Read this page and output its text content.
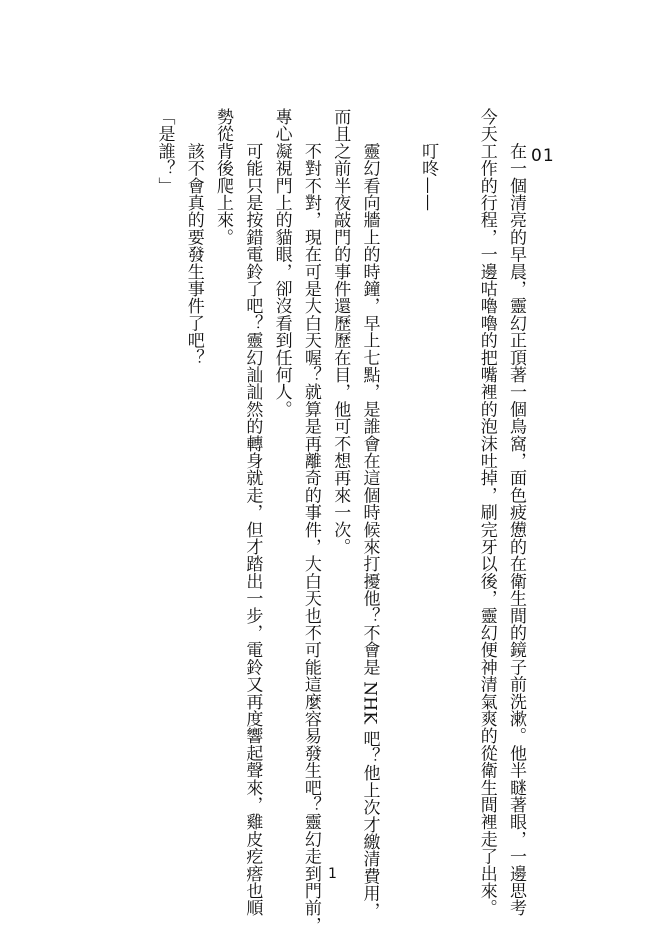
01
　　在一個清亮的早晨，靈幻正頂著一個鳥窩，面色疲憊的在衛生間的鏡子前洗漱。他半瞇著眼，一邊思考
今天工作的行程，一邊咕嚕嚕的把嘴裡的泡沫吐掉，刷完牙以後，靈幻便神清氣爽的從衛生間裡走了出來。
　　叮咚——
　　靈幻看向牆上的時鐘，早上七點，是誰會在這個時候來打擾他？不會是 NHK 吧？他上次才繳清費用，
而且之前半夜敲門的事件還歷歷在目，他可不想再來一次。
　　不對不對，現在可是大白天喔？就算是再離奇的事件，大白天也不可能這麼容易發生吧？靈幻走到門前，
專心凝視門上的貓眼，卻沒看到任何人。
　　可能只是按錯電鈴了吧？靈幻訕訕然的轉身就走，但才踏出一步，電鈴又再度響起聲來，雞皮疙瘩也順
勢從背後爬上來。
　　該不會真的要發生事件了吧？
「是誰？」
1
